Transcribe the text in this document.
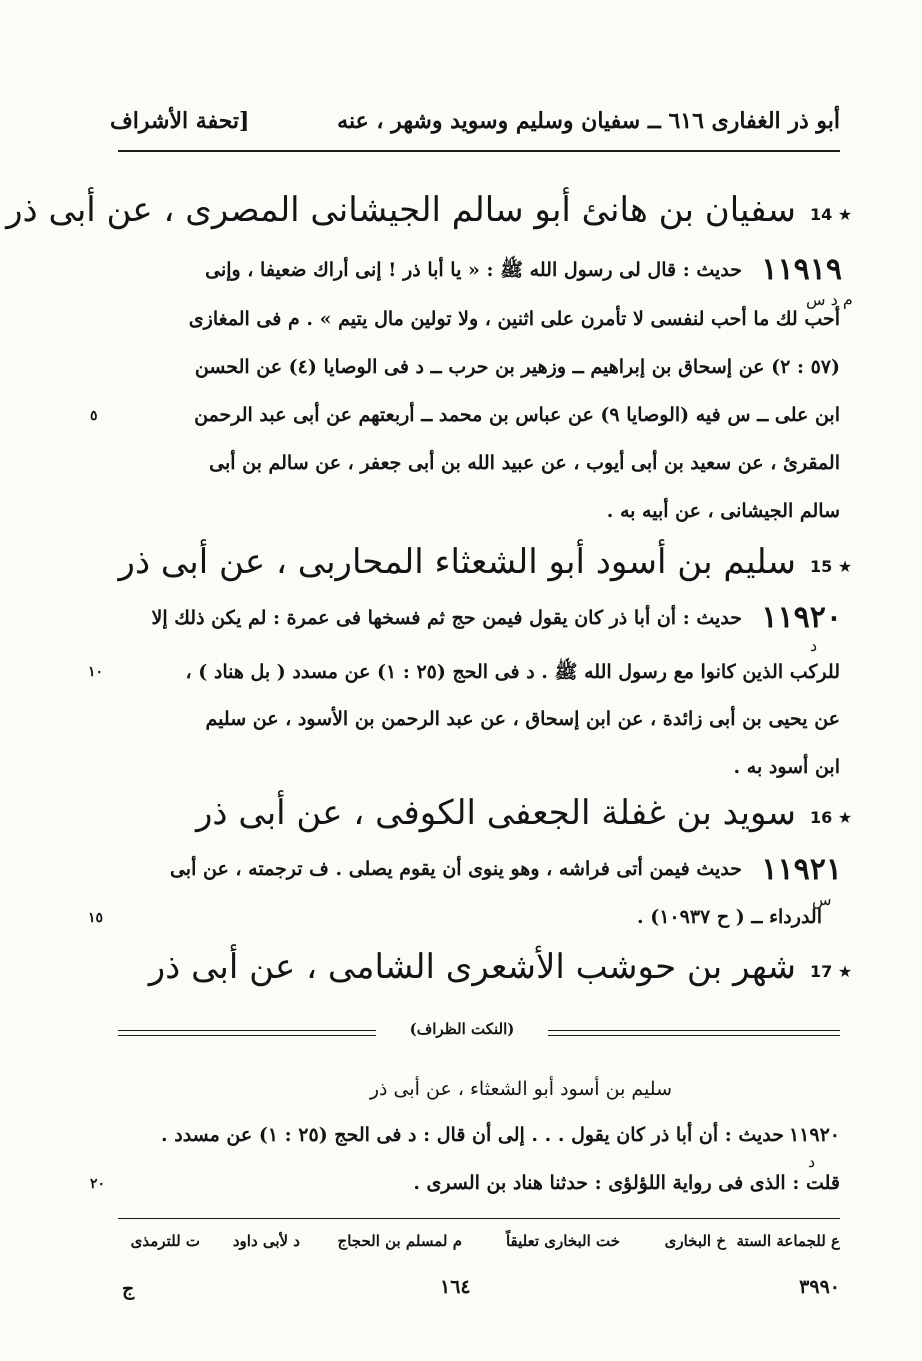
أبو ذر الغفارى ٦١٦ ــ سفيان وسليم وسويد وشهر ، عنه
[تحفة الأشراف
14 ★
سفيان بن هانئ أبو سالم الجيشانى المصرى ، عن أبى ذر
١١٩١٩
م د س
حديث : قال لى رسول الله ﷺ : « يا أبا ذر ! إنى أراك ضعيفا ، وإنى
أحب لك ما أحب لنفسى لا تأمرن على اثنين ، ولا تولين مال يتيم » . م فى المغازى
(٥٧ : ٢) عن إسحاق بن إبراهيم ــ وزهير بن حرب ــ د فى الوصايا (٤) عن الحسن
ابن على ــ س فيه (الوصايا ٩) عن عباس بن محمد ــ أربعتهم عن أبى عبد الرحمن
المقرئ ، عن سعيد بن أبى أيوب ، عن عبيد الله بن أبى جعفر ، عن سالم بن أبى
سالم الجيشانى ، عن أبيه به .
٥
15 ★
سليم بن أسود أبو الشعثاء المحاربى ، عن أبى ذر
١١٩٢٠
د
حديث : أن أبا ذر كان يقول فيمن حج ثم فسخها فى عمرة : لم يكن ذلك إلا
للركب الذين كانوا مع رسول الله ﷺ . د فى الحج (٢٥ : ١) عن مسدد ( بل هناد ) ،
عن يحيى بن أبى زائدة ، عن ابن إسحاق ، عن عبد الرحمن بن الأسود ، عن سليم
ابن أسود به .
١٠
16 ★
سويد بن غفلة الجعفى الكوفى ، عن أبى ذر
١١٩٢١
س
حديث فيمن أتى فراشه ، وهو ينوى أن يقوم يصلى . ف ترجمته ، عن أبى
الدرداء ــ ( ح ١٠٩٣٧) .
١٥
17 ★
شهر بن حوشب الأشعرى الشامى ، عن أبى ذر
(النكت الظراف)
سليم بن أسود أبو الشعثاء ، عن أبى ذر
١١٩٢٠
د
حديث : أن أبا ذر كان يقول . . . إلى أن قال : د فى الحج (٢٥ : ١) عن مسدد .
قلت : الذى فى رواية اللؤلؤى : حدثنا هناد بن السرى .
٢٠
ع للجماعة الستة
خ البخارى
خت البخارى تعليقاً
م لمسلم بن الحجاج
د لأبى داود
ت للترمذى
٣٩٩٠
١٦٤
ج
